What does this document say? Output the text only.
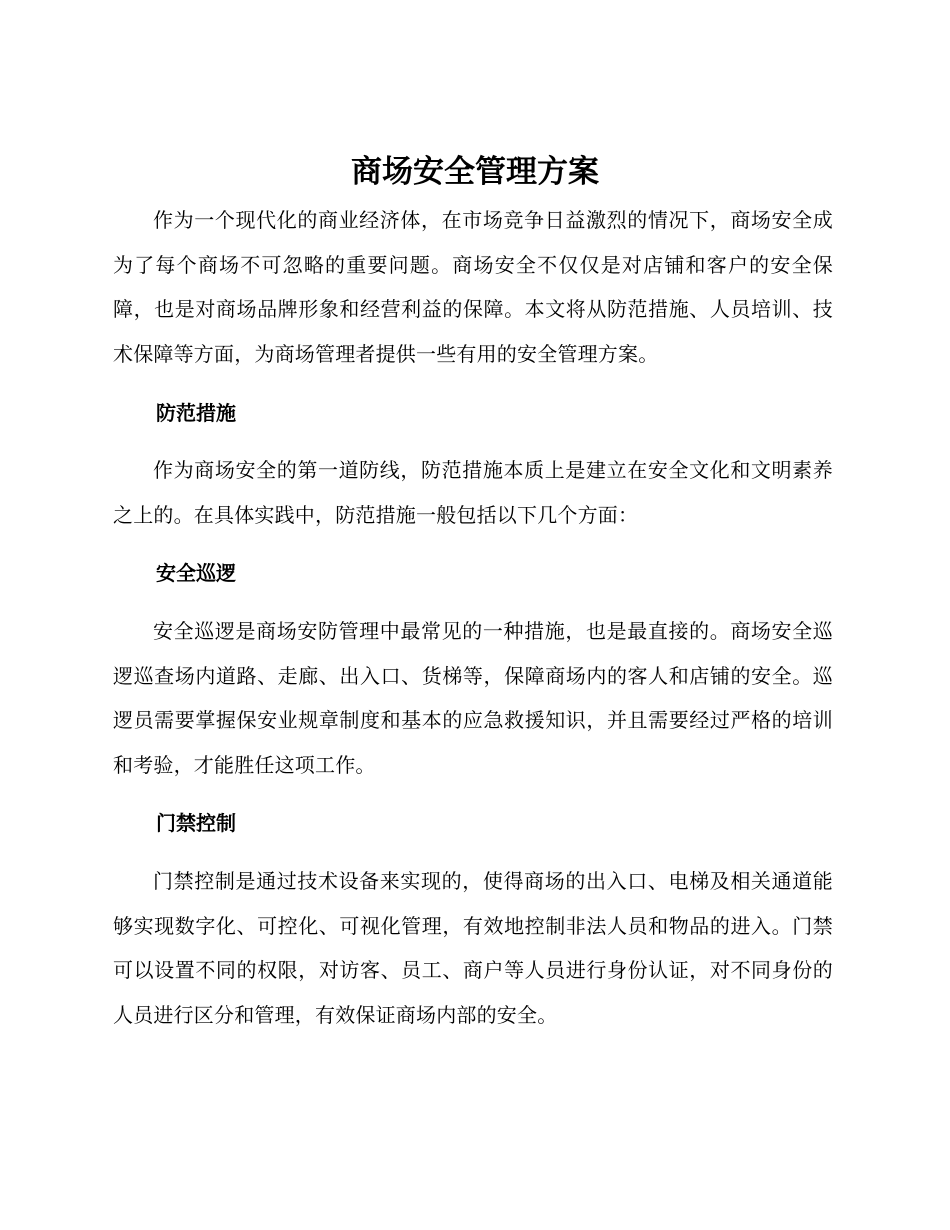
商场安全管理方案

作为一个现代化的商业经济体，在市场竞争日益激烈的情况下，商场安全成为了每个商场不可忽略的重要问题。商场安全不仅仅是对店铺和客户的安全保障，也是对商场品牌形象和经营利益的保障。本文将从防范措施、人员培训、技术保障等方面，为商场管理者提供一些有用的安全管理方案。

防范措施

作为商场安全的第一道防线，防范措施本质上是建立在安全文化和文明素养之上的。在具体实践中，防范措施一般包括以下几个方面：

安全巡逻

安全巡逻是商场安防管理中最常见的一种措施，也是最直接的。商场安全巡逻巡查场内道路、走廊、出入口、货梯等，保障商场内的客人和店铺的安全。巡逻员需要掌握保安业规章制度和基本的应急救援知识，并且需要经过严格的培训和考验，才能胜任这项工作。

门禁控制

门禁控制是通过技术设备来实现的，使得商场的出入口、电梯及相关通道能够实现数字化、可控化、可视化管理，有效地控制非法人员和物品的进入。门禁可以设置不同的权限，对访客、员工、商户等人员进行身份认证，对不同身份的人员进行区分和管理，有效保证商场内部的安全。
